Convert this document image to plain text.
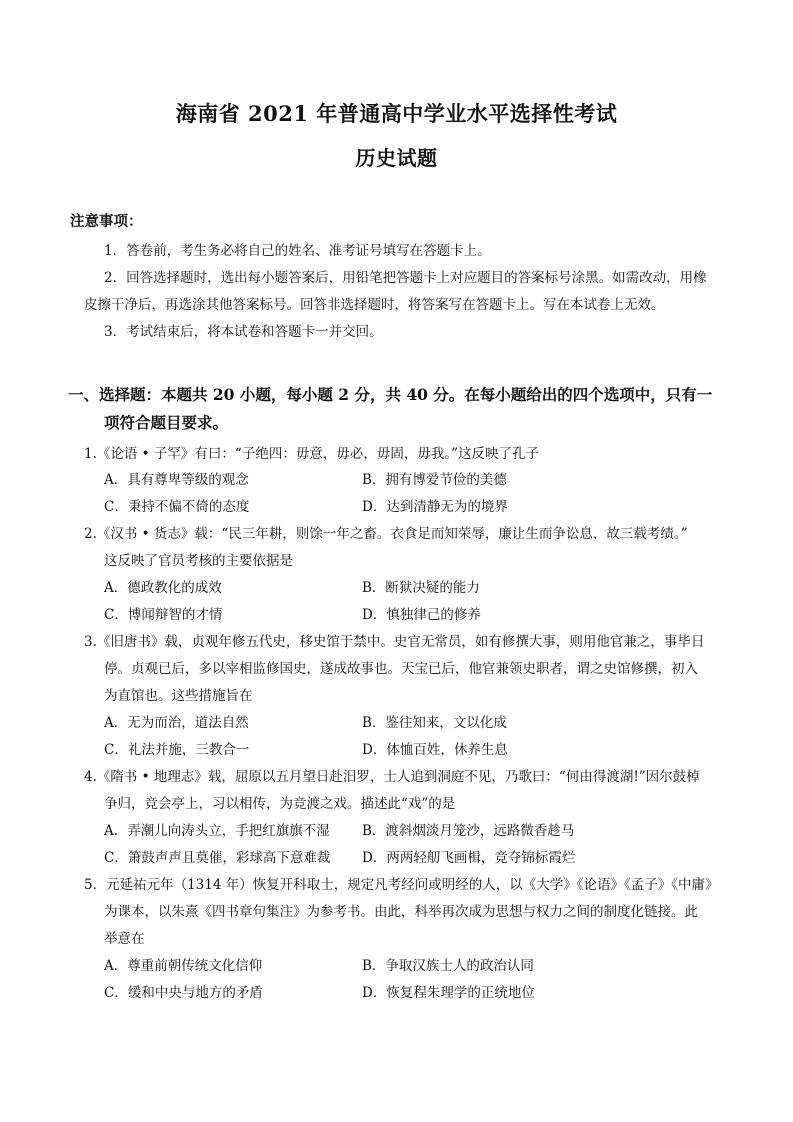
海南省 2021 年普通高中学业水平选择性考试
历史试题
注意事项：
1．答卷前，考生务必将自己的姓名、准考证号填写在答题卡上。
2．回答选择题时，选出每小题答案后，用铅笔把答题卡上对应题目的答案标号涂黑。如需改动，用橡
皮擦干净后，再选涂其他答案标号。回答非选择题时，将答案写在答题卡上。写在本试卷上无效。
3．考试结束后，将本试卷和答题卡一并交回。
一、选择题：本题共 20 小题，每小题 2 分，共 40 分。在每小题给出的四个选项中，只有一
项符合题目要求。
1.《论语 • 子罕》有曰：“子绝四：毋意，毋必，毋固，毋我。”这反映了孔子
A．具有尊卑等级的观念	B．拥有博爱节俭的美德
C．秉持不偏不倚的态度	D．达到清静无为的境界
2.《汉书 • 货志》载：“民三年耕，则馀一年之畜。衣食足而知荣辱，廉让生而争讼息，故三载考绩。”
这反映了官员考核的主要依据是
A．德政教化的成效	B．断狱决疑的能力
C．博闻辩智的才情	D．慎独律己的修养
3.《旧唐书》载，贞观年修五代史，移史馆于禁中。史官无常员，如有修撰大事，则用他官兼之，事毕日
停。贞观已后，多以宰相监修国史，遂成故事也。天宝已后，他官兼领史职者，谓之史馆修撰，初入
为直馆也。这些措施旨在
A．无为而治，道法自然	B．鉴往知来，文以化成
C．礼法并施，三教合一	D．体恤百姓，休养生息
4.《隋书 • 地理志》载，屈原以五月望日赴汨罗，士人追到洞庭不见，乃歌曰：“何由得渡湖!”因尔鼓棹
争归，竞会亭上，习以相传，为竞渡之戏。描述此“戏”的是
A．弄潮儿向涛头立，手把红旗旗不湿 B．渡斜烟淡月笼沙，远路微香趁马
C．箫鼓声声且莫催，彩球高下意难裁 D．两两轻舠飞画楫，竞夺锦标霞烂
5．元延祐元年（1314 年）恢复开科取士，规定凡考经问或明经的人，以《大学》《论语》《孟子》《中庸》
为课本，以朱熹《四书章句集注》为参考书。由此，科举再次成为思想与权力之间的制度化链接。此
举意在
A．尊重前朝传统文化信仰	B．争取汉族士人的政治认同
C．缓和中央与地方的矛盾	D．恢复程朱理学的正统地位
